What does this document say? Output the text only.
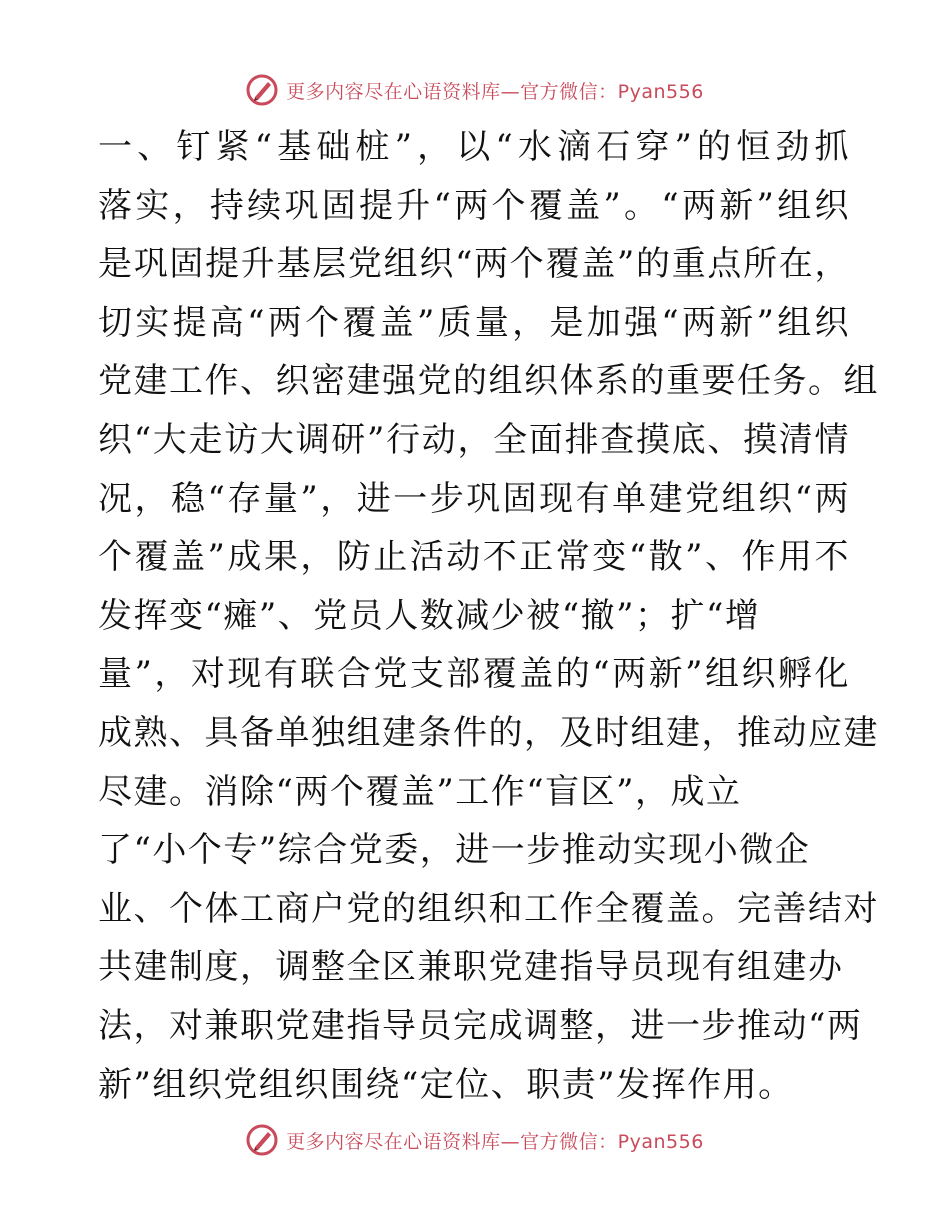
更多内容尽在心语资料库—官方微信：Pyan556
一、钉紧“基础桩”，以“水滴石穿”的恒劲抓
落实，持续巩固提升“两个覆盖”。“两新”组织
是巩固提升基层党组织“两个覆盖”的重点所在，
切实提高“两个覆盖”质量，是加强“两新”组织
党建工作、织密建强党的组织体系的重要任务。组
织“大走访大调研”行动，全面排查摸底、摸清情
况，稳“存量”，进一步巩固现有单建党组织“两
个覆盖”成果，防止活动不正常变“散”、作用不
发挥变“瘫”、党员人数减少被“撤”；扩“增
量”，对现有联合党支部覆盖的“两新”组织孵化
成熟、具备单独组建条件的，及时组建，推动应建
尽建。消除“两个覆盖”工作“盲区”，成立
了“小个专”综合党委，进一步推动实现小微企
业、个体工商户党的组织和工作全覆盖。完善结对
共建制度，调整全区兼职党建指导员现有组建办
法，对兼职党建指导员完成调整，进一步推动“两
新”组织党组织围绕“定位、职责”发挥作用。
更多内容尽在心语资料库—官方微信：Pyan556
